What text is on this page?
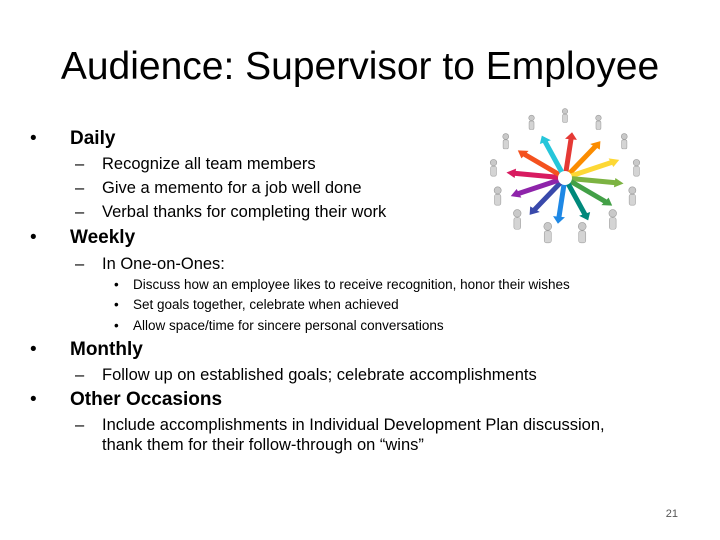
Audience: Supervisor to Employee
• Daily
– Recognize all team members
– Give a memento for a job well done
– Verbal thanks for completing their work
• Weekly
– In One-on-Ones:
• Discuss how an employee likes to receive recognition, honor their wishes
• Set goals together, celebrate when achieved
• Allow space/time for sincere personal conversations
• Monthly
– Follow up on established goals; celebrate accomplishments
• Other Occasions
– Include accomplishments in Individual Development Plan discussion,
thank them for their follow-through on “wins”
21
